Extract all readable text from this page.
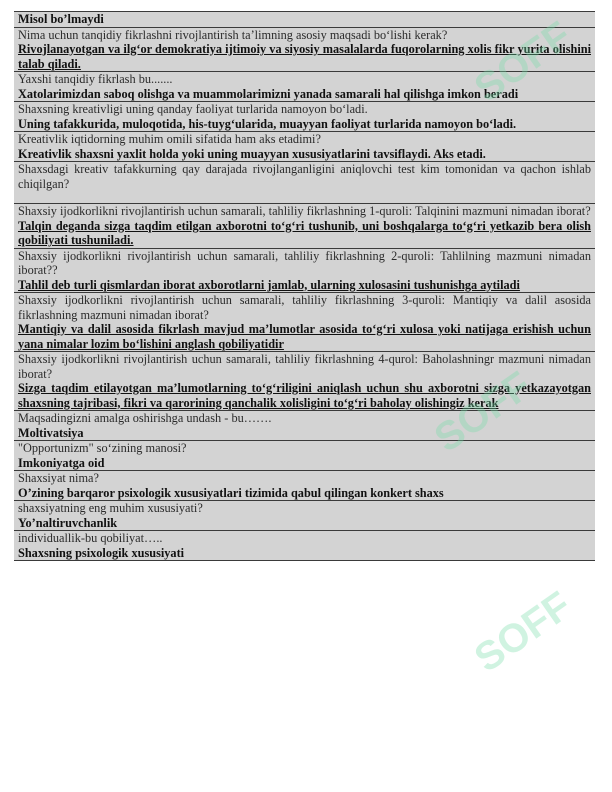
Misol bo’lmaydi
Nima uchun tanqidiy fikrlashni rivojlantirish ta’limning asosiy maqsadi bo‘lishi kerak?
Rivojlanayotgan va ilg‘or demokratiya ijtimoiy va siyosiy masalalarda fuqorolarning xolis fikr yurita olishini talab qiladi.
Yaxshi tanqidiy fikrlash bu.......
Xatolarimizdan saboq olishga va muammolarimizni yanada samarali hal qilishga imkon beradi
Shaxsning kreativligi uning qanday faoliyat turlarida namoyon bo‘ladi.
Uning tafakkurida, muloqotida, his-tuyg‘ularida, muayyan faoliyat turlarida namoyon bo‘ladi.
Kreativlik iqtidorning muhim omili sifatida ham aks etadimi?
Kreativlik shaxsni yaxlit holda yoki uning muayyan xususiyatlarini tavsiflaydi. Aks etadi.
Shaxsdagi kreativ tafakkurning qay darajada rivojlanganligini aniqlovchi test kim tomonidan va qachon ishlab chiqilgan?
Shaxsiy ijodkorlikni rivojlantirish uchun samarali, tahliliy fikrlashning 1-quroli: Talqinini mazmuni nimadan iborat?
Talqin deganda sizga taqdim etilgan axborotni to‘g‘ri tushunib, uni boshqalarga to‘g‘ri yetkazib bera olish qobiliyati tushuniladi.
Shaxsiy ijodkorlikni rivojlantirish uchun samarali, tahliliy fikrlashning 2-quroli: Tahlilning mazmuni nimadan iborat??
Tahlil deb turli qismlardan iborat axborotlarni jamlab, ularning xulosasini tushunishga aytiladi
Shaxsiy ijodkorlikni rivojlantirish uchun samarali, tahliliy fikrlashning 3-quroli: Mantiqiy va dalil asosida fikrlashning mazmuni nimadan iborat?
Mantiqiy va dalil asosida fikrlash mavjud ma’lumotlar asosida to‘g‘ri xulosa yoki natijaga erishish uchun yana nimalar lozim bo‘lishini anglash qobiliyatidir
Shaxsiy ijodkorlikni rivojlantirish uchun samarali, tahliliy fikrlashning 4-qurol: Baholashningr mazmuni nimadan iborat?
Sizga taqdim etilayotgan ma’lumotlarning to‘g‘riligini aniqlash uchun shu axborotni sizga yetkazayotgan shaxsning tajribasi, fikri va qarorining qanchalik xolisligini to‘g‘ri baholay olishingiz kerak
Maqsadingizni amalga oshirishga undash - bu…….
Moltivatsiya
"Opportunizm" so‘zining manosi?
Imkoniyatga oid
Shaxsiyat nima?
O’zining barqaror psixologik xususiyatlari tizimida qabul qilingan konkert shaxs
shaxsiyatning eng muhim xususiyati?
Yo’naltiruvchanlik
individuallik-bu qobiliyat…..
Shaxsning psixologik xususiyati
SOFF
SOFF
SOFF
